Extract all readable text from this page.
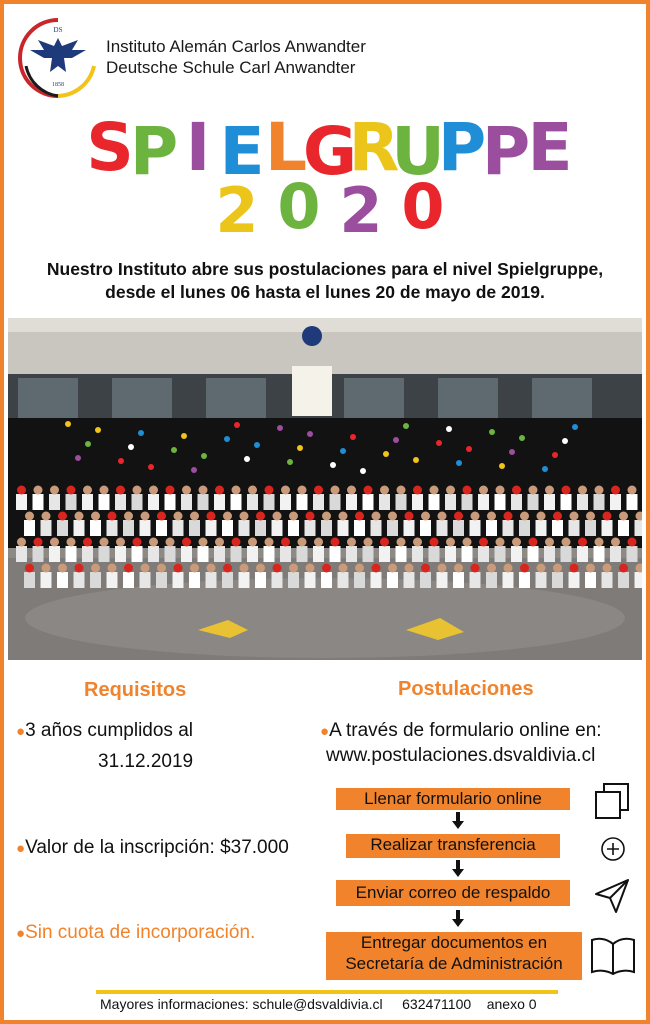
DS
1858
Instituto Alemán Carlos Anwandter
Deutsche Schule Carl Anwandter
S
P I E L
G
R
U
P
P
E
2 0 2 0
Nuestro Instituto abre sus postulaciones para el nivel Spielgruppe,
desde el lunes 06 hasta el lunes 20 de mayo de 2019.
Requisitos
●3 años cumplidos al
31.12.2019
●Valor de la inscripción: $37.000
●Sin cuota de incorporación.
Postulaciones
●A través de formulario online en:
www.postulaciones.dsvaldivia.cl
Llenar formulario online
Realizar transferencia
Enviar correo de respaldo
Entregar documentos en
Secretaría de Administración
Mayores informaciones: schule@dsvaldivia.cl 632471100 anexo 0
